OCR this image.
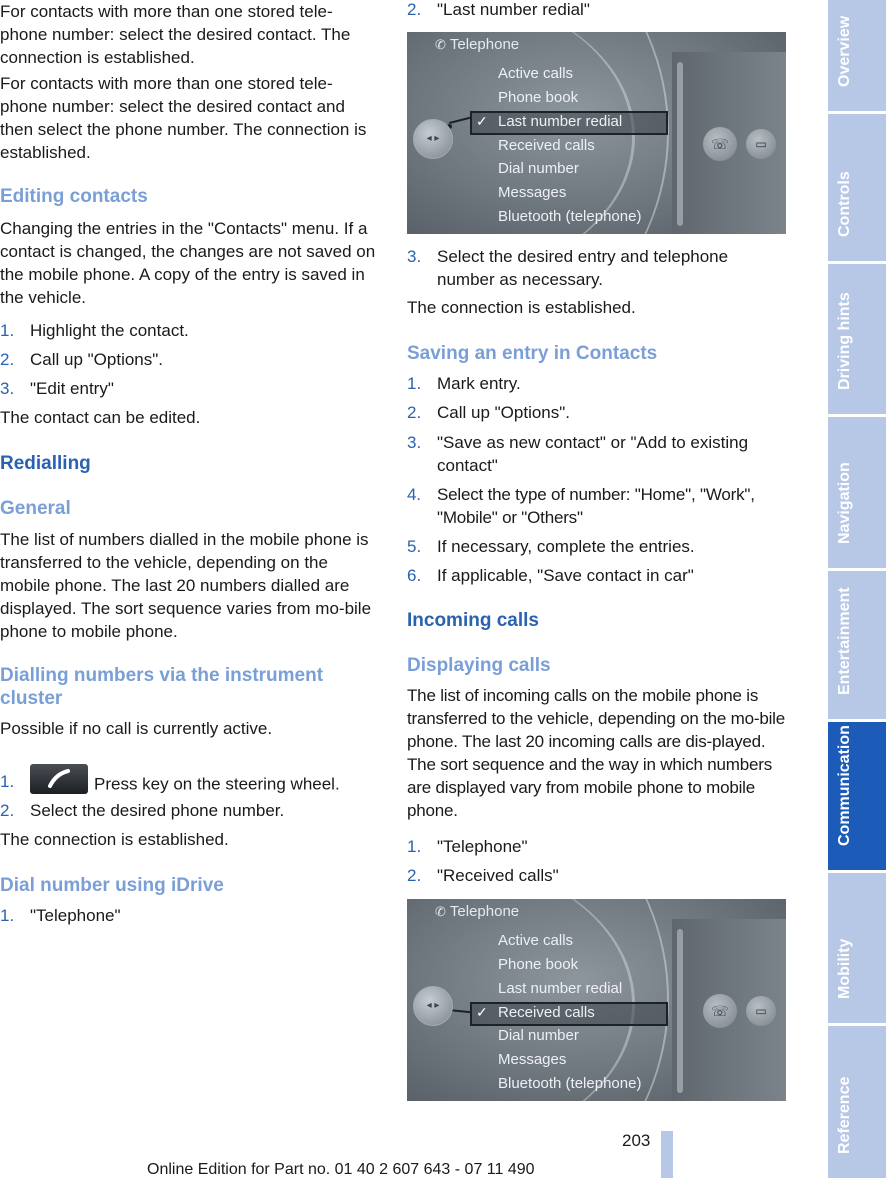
For contacts with more than one stored tele-phone number: select the desired contact. The connection is established.

For contacts with more than one stored tele-phone number: select the desired contact and then select the phone number. The connection is established.

Editing contacts

Changing the entries in the "Contacts" menu. If a contact is changed, the changes are not saved on the mobile phone. A copy of the entry is saved in the vehicle.

1. Highlight the contact.
2. Call up "Options".
3. "Edit entry"

The contact can be edited.

Redialling
General

The list of numbers dialled in the mobile phone is transferred to the vehicle, depending on the mobile phone. The last 20 numbers dialled are displayed. The sort sequence varies from mo-bile phone to mobile phone.

Dialling numbers via the instrument cluster

Possible if no call is currently active.

1.	Press key on the steering wheel.
2. Select the desired phone number.

The connection is established.

Dial number using iDrive
1. "Telephone"
2. "Last number redial"
✆ Telephone
Active calls
Phone book
✓ Last number redial
Received calls
Dial number
Messages
Bluetooth (telephone)
◂ ▸	☏	▭
3. Select the desired entry and telephone number as necessary.

The connection is established.

Saving an entry in Contacts
1. Mark entry.
2. Call up "Options".
3. "Save as new contact" or "Add to existing contact"
4. Select the type of number: "Home", "Work", "Mobile" or "Others"
5. If necessary, complete the entries.
6. If applicable, "Save contact in car"
Incoming calls
Displaying calls

The list of incoming calls on the mobile phone is transferred to the vehicle, depending on the mo-bile phone. The last 20 incoming calls are dis-played. The sort sequence and the way in which numbers are displayed vary from mobile phone to mobile phone.

1. "Telephone"
2. "Received calls"
✆ Telephone
Active calls
Phone book
Last number redial
✓ Received calls
Dial number
Messages
Bluetooth (telephone)
◂ ▸	☏	▭
Overview
Controls
Driving hints
Navigation
Entertainment
Communication
Mobility
Reference
203
Online Edition for Part no. 01 40 2 607 643 - 07 11 490
